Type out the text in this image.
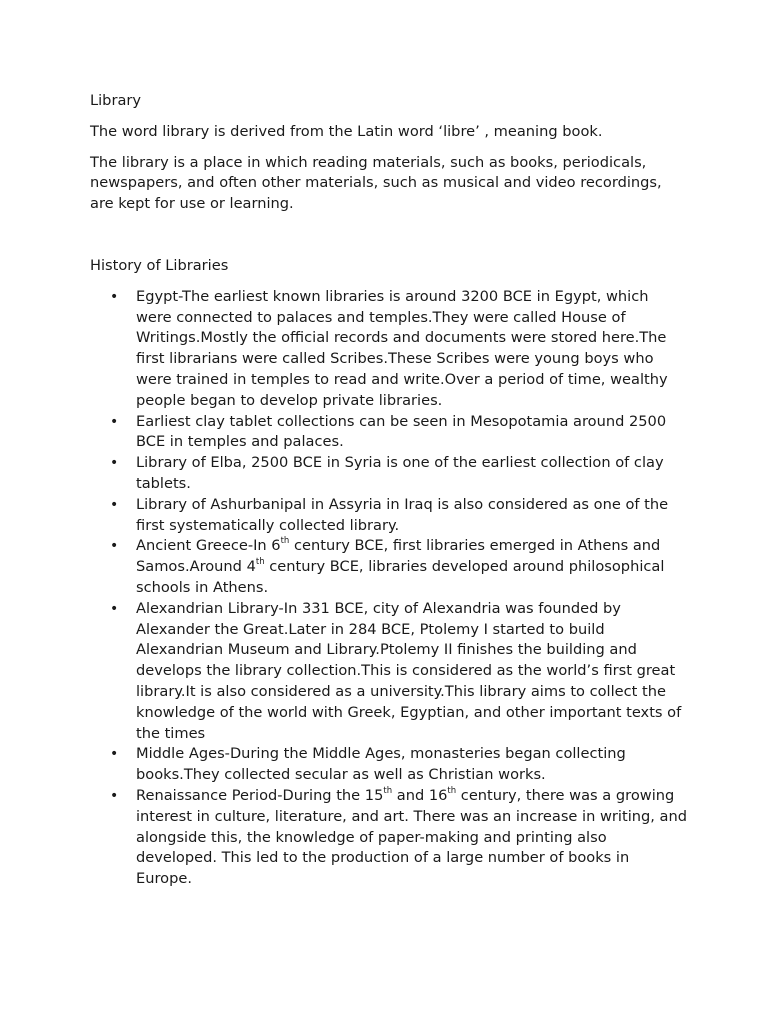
Library

The word library is derived from the Latin word ‘libre’ , meaning book.

The library is a place in which reading materials, such as books, periodicals, newspapers, and often other materials, such as musical and video recordings, are kept for use or learning.

History of Libraries

• Egypt-The earliest known libraries is around 3200 BCE in Egypt, which were connected to palaces and temples.They were called House of Writings.Mostly the official records and documents were stored here.The first librarians were called Scribes.These Scribes were young boys who were trained in temples to read and write.Over a period of time, wealthy people began to develop private libraries.
• Earliest clay tablet collections can be seen in Mesopotamia around 2500 BCE in temples and palaces.
• Library of Elba, 2500 BCE in Syria is one of the earliest collection of clay tablets.
• Library of Ashurbanipal in Assyria in Iraq is also considered as one of the first systematically collected library.
• Ancient Greece-In 6th century BCE, first libraries emerged in Athens and Samos.Around 4th century BCE, libraries developed around philosophical schools in Athens.
• Alexandrian Library-In 331 BCE, city of Alexandria was founded by Alexander the Great.Later in 284 BCE, Ptolemy I started to build Alexandrian Museum and Library.Ptolemy II finishes the building and develops the library collection.This is considered as the world’s first great library.It is also considered as a university.This library aims to collect the knowledge of the world with Greek, Egyptian, and other important texts of the times
• Middle Ages-During the Middle Ages, monasteries began collecting books.They collected secular as well as Christian works.
• Renaissance Period-During the 15th and 16th century, there was a growing interest in culture, literature, and art. There was an increase in writing, and alongside this, the knowledge of paper-making and printing also developed. This led to the production of a large number of books in Europe.
